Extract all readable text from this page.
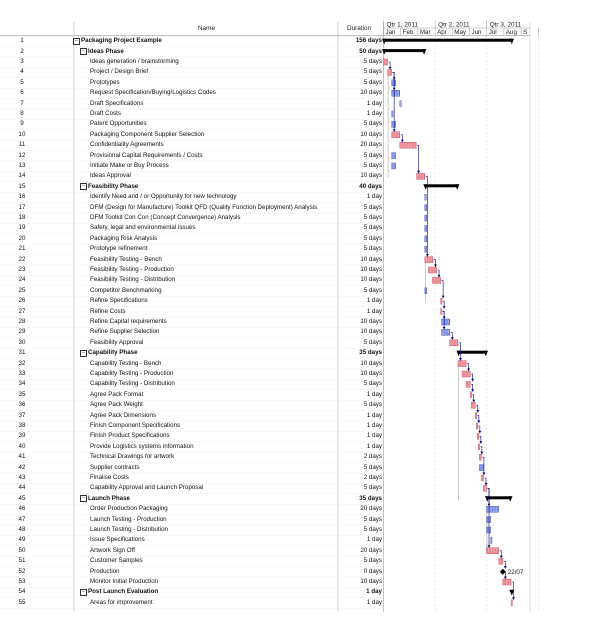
Name	Duration
1	− Packaging Project Example	156 days
2	− Ideas Phase	50 days
3	Ideas generation / brainstorming	5 days
4	Project / Design Brief	5 days
5	Prototypes	5 days
6	Request Specification/Buying/Logistics Codes	10 days
7	Draft Specifications	1 day
8	Draft Costs	1 day
9	Patent Opportunities	5 days
10	Packaging Component Supplier Selection	10 days
11	Confidentiality Agreements	20 days
12	Provisional Capital Requirements / Costs	5 days
13	Initiate Make or Buy Process	5 days
14	Ideas Approval	10 days
15	− Feasibility Phase	40 days
16	Identify Need and / or Opportunity for new technology	1 day
17	DFM (Design for Manufacture) Toolkit QFD (Quality Function Deployment) Analysis	5 days
18	DFM Toolkit Con Con (Concept Convergence) Analysis	5 days
19	Safety, legal and environmental issues	5 days
20	Packaging Risk Analysis	5 days
21	Prototype refinement	5 days
22	Feasibility Testing - Bench	10 days
23	Feasibility Testing - Production	10 days
24	Feasibility Testing - Distribution	10 days
25	Competitor Benchmarking	5 days
26	Refine Specifications	1 day
27	Refine Costs	1 day
28	Refine Capital requirements	10 days
29	Refine Supplier Selection	10 days
30	Feasibility Approval	5 days
31	− Capability Phase	35 days
32	Capability Testing - Bench	10 days
33	Capability Testing - Production	10 days
34	Capability Testing - Distribution	5 days
35	Agree Pack Format	1 day
36	Agree Pack Weight	5 days
37	Agree Pack Dimensions	1 day
38	Finish Component Specifications	1 day
39	Finish Product Specifications	1 day
40	Provide Logistics systems information	1 day
41	Technical Drawings for artwork	2 days
42	Supplier contracts	5 days
43	Finalise Costs	2 days
44	Capability Approval and Launch Proposal	5 days
45	− Launch Phase	35 days
46	Order Production Packaging	20 days
47	Launch Testing - Production	5 days
48	Launch Testing - Distribution	5 days
49	Issue Specifications	1 day
50	Artwork Sign Off	20 days
51	Customer Samples	5 days
52	Production	0 days
53	Monitor Initial Production	10 days
54	− Post Launch Evaluation	1 day
55	Areas for improvement	1 day
Qtr 1, 2011	Qtr 2, 2011	Qtr 3, 2011
Jan Feb Mar Apr May Jun Jul Aug S
22/07
